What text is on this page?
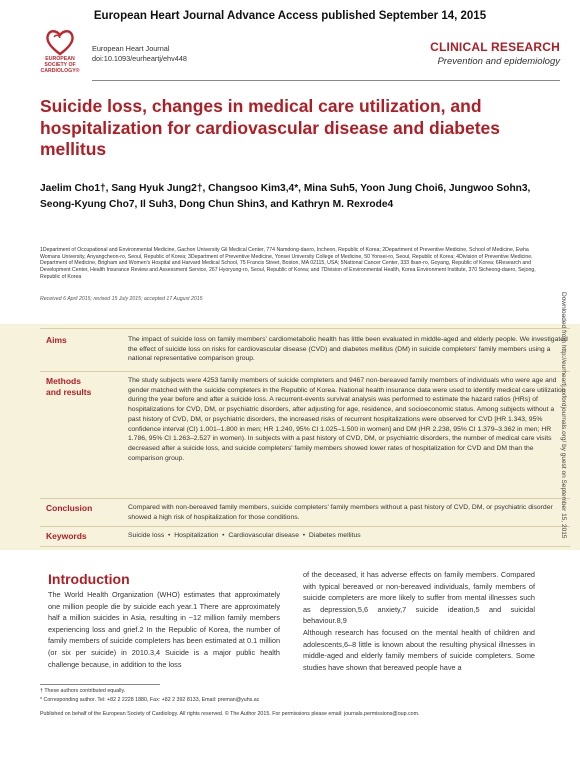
European Heart Journal Advance Access published September 14, 2015
EUROPEAN
SOCIETY OF
CARDIOLOGY®
European Heart Journal
doi:10.1093/eurheartj/ehv448
CLINICAL RESEARCH
Prevention and epidemiology
Suicide loss, changes in medical care utilization, and hospitalization for cardiovascular disease and diabetes mellitus
Jaelim Cho1†, Sang Hyuk Jung2†, Changsoo Kim3,4*, Mina Suh5, Yoon Jung Choi6, Jungwoo Sohn3, Seong-Kyung Cho7, Il Suh3, Dong Chun Shin3, and Kathryn M. Rexrode4
1Department of Occupational and Environmental Medicine, Gachon University Gil Medical Center, 774 Namdong-daero, Incheon, Republic of Korea; 2Department of Preventive Medicine, School of Medicine, Ewha Womans University, Anyangcheon-ro, Seoul, Republic of Korea; 3Department of Preventive Medicine, Yonsei University College of Medicine, 50 Yonsei-ro, Seoul, Republic of Korea; 4Division of Preventive Medicine, Department of Medicine, Brigham and Women's Hospital and Harvard Medical School, 75 Francis Street, Boston, MA 02115, USA; 5National Cancer Center, 333 Ilsan-ro, Goyang, Republic of Korea; 6Research and Development Center, Health Insurance Review and Assessment Service, 267 Hyoryung-ro, Seoul, Republic of Korea; and 7Division of Environmental Health, Korea Environment Institute, 370 Sicheong-daero, Sejong, Republic of Korea
Received 6 April 2015; revised 15 July 2015; accepted 17 August 2015
Aims	The impact of suicide loss on family members' cardiometabolic health has little been evaluated in middle-aged and elderly people. We investigated the effect of suicide loss on risks for cardiovascular disease (CVD) and diabetes mellitus (DM) in suicide completers' family members using a national representative comparison group.
Methods
and results
The study subjects were 4253 family members of suicide completers and 9467 non-bereaved family members of individuals who were age and gender matched with the suicide completers in the Republic of Korea. National health insurance data were used to identify medical care utilization during the year before and after a suicide loss. A recurrent-events survival analysis was performed to estimate the hazard ratios (HRs) of hospitalizations for CVD, DM, or psychiatric disorders, after adjusting for age, residence, and socioeconomic status. Among subjects without a past history of CVD, DM, or psychiatric disorders, the increased risks of recurrent hospitalizations were observed for CVD [HR 1.343, 95% confidence interval (CI) 1.001–1.800 in men; HR 1.240, 95% CI 1.025–1.500 in women] and DM (HR 2.238, 95% CI 1.379–3.362 in men; HR 1.786, 95% CI 1.263–2.527 in women). In subjects with a past history of CVD, DM, or psychiatric disorders, the number of medical care visits decreased after a suicide loss, and suicide completers' family members showed lower rates of hospitalization for CVD and DM than the comparison group.
Conclusion	Compared with non-bereaved family members, suicide completers' family members without a past history of CVD, DM, or psychiatric disorder showed a high risk of hospitalization for those conditions.
Keywords	Suicide loss  •  Hospitalization  •  Cardiovascular disease  •  Diabetes mellitus
Introduction
The World Health Organization (WHO) estimates that approximately one million people die by suicide each year.1 There are approximately half a million suicides in Asia, resulting in ~12 million family members experiencing loss and grief.2 In the Republic of Korea, the number of family members of suicide completers has been estimated at 0.1 million (or six per suicide) in 2010.3,4 Suicide is a major public health challenge because, in addition to the loss
of the deceased, it has adverse effects on family members. Compared with typical bereaved or non-bereaved individuals, family members of suicide completers are more likely to suffer from mental illnesses such as depression,5,6 anxiety,7 suicide ideation,5 and suicidal behaviour.8,9
Although research has focused on the mental health of children and adolescents,6–8 little is known about the resulting physical illnesses in middle-aged and elderly family members of suicide completers. Some studies have shown that bereaved people have a
† These authors contributed equally.
* Corresponding author. Tel: +82 2 2228 1880, Fax: +82 2 392 8133, Email: preman@yuhs.ac
Published on behalf of the European Society of Cardiology. All rights reserved. © The Author 2015. For permissions please email: journals.permissions@oup.com.
Downloaded from http://eurheartj.oxfordjournals.org/ by guest on September 15, 2015
